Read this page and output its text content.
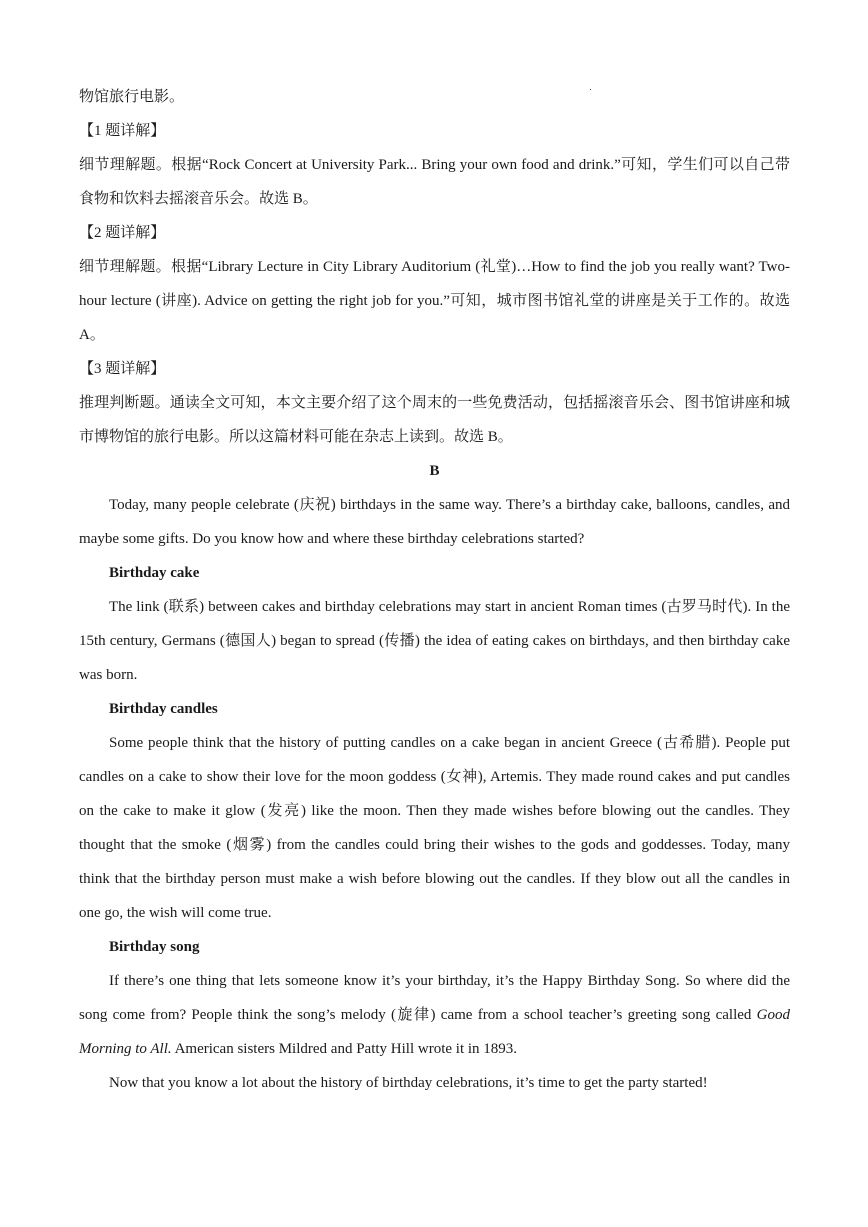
物馆旅行电影。

【1 题详解】

细节理解题。根据“Rock Concert at University Park... Bring your own food and drink.”可知，学生们可以自己带食物和饮料去摇滚音乐会。故选 B。

【2 题详解】

细节理解题。根据“Library Lecture in City Library Auditorium (礼堂)…How to find the job you really want? Two-hour lecture (讲座). Advice on getting the right job for you.”可知，城市图书馆礼堂的讲座是关于工作的。故选 A。

【3 题详解】

推理判断题。通读全文可知，本文主要介绍了这个周末的一些免费活动，包括摇滚音乐会、图书馆讲座和城市博物馆的旅行电影。所以这篇材料可能在杂志上读到。故选 B。

B

Today, many people celebrate (庆祝) birthdays in the same way. There’s a birthday cake, balloons, candles, and maybe some gifts. Do you know how and where these birthday celebrations started?

Birthday cake

The link (联系) between cakes and birthday celebrations may start in ancient Roman times (古罗马时代). In the 15th century, Germans (德国人) began to spread (传播) the idea of eating cakes on birthdays, and then birthday cake was born.

Birthday candles

Some people think that the history of putting candles on a cake began in ancient Greece (古希腊). People put candles on a cake to show their love for the moon goddess (女神), Artemis. They made round cakes and put candles on the cake to make it glow (发亮) like the moon. Then they made wishes before blowing out the candles. They thought that the smoke (烟雾) from the candles could bring their wishes to the gods and goddesses. Today, many think that the birthday person must make a wish before blowing out the candles. If they blow out all the candles in one go, the wish will come true.

Birthday song

If there’s one thing that lets someone know it’s your birthday, it’s the Happy Birthday Song. So where did the song come from? People think the song’s melody (旋律) came from a school teacher’s greeting song called Good Morning to All. American sisters Mildred and Patty Hill wrote it in 1893.

Now that you know a lot about the history of birthday celebrations, it’s time to get the party started!
